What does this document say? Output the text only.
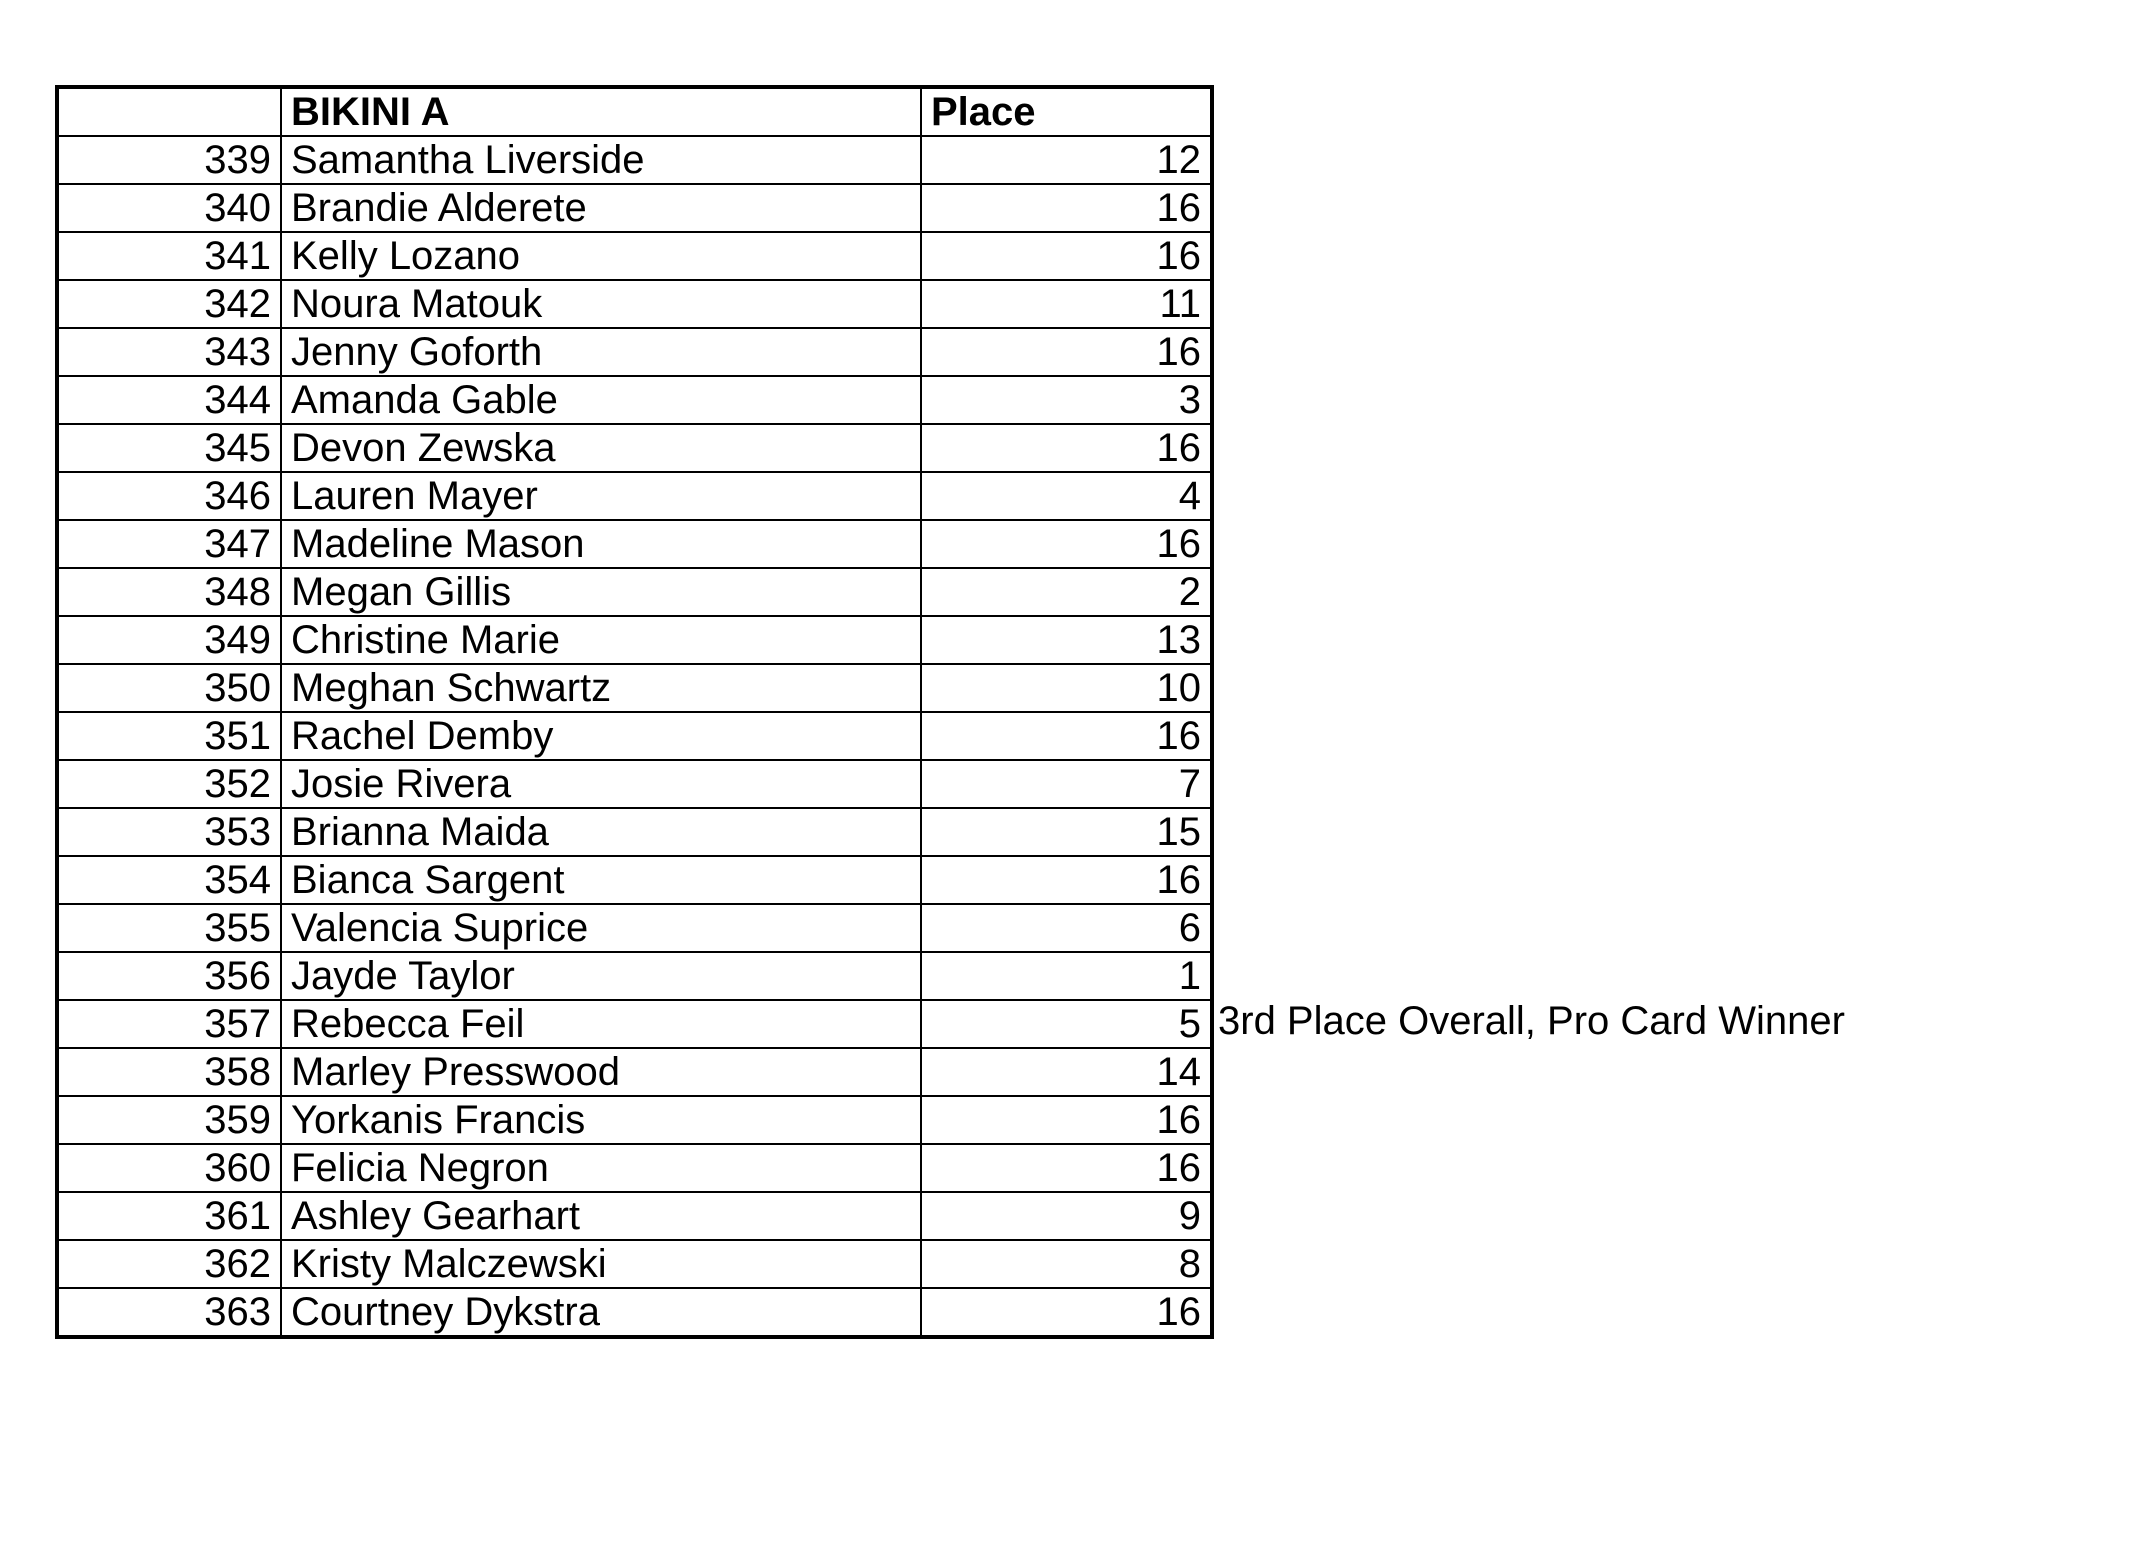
	BIKINI A	Place
339	Samantha Liverside	12
340	Brandie Alderete	16
341	Kelly Lozano	16
342	Noura Matouk	11
343	Jenny Goforth	16
344	Amanda Gable	3
345	Devon Zewska	16
346	Lauren Mayer	4
347	Madeline Mason	16
348	Megan Gillis	2
349	Christine Marie	13
350	Meghan Schwartz	10
351	Rachel Demby	16
352	Josie Rivera	7
353	Brianna Maida	15
354	Bianca Sargent	16
355	Valencia Suprice	6
356	Jayde Taylor	1
357	Rebecca Feil	5
358	Marley Presswood	14
359	Yorkanis Francis	16
360	Felicia Negron	16
361	Ashley Gearhart	9
362	Kristy Malczewski	8
363	Courtney Dykstra	16
3rd Place Overall, Pro Card Winner
